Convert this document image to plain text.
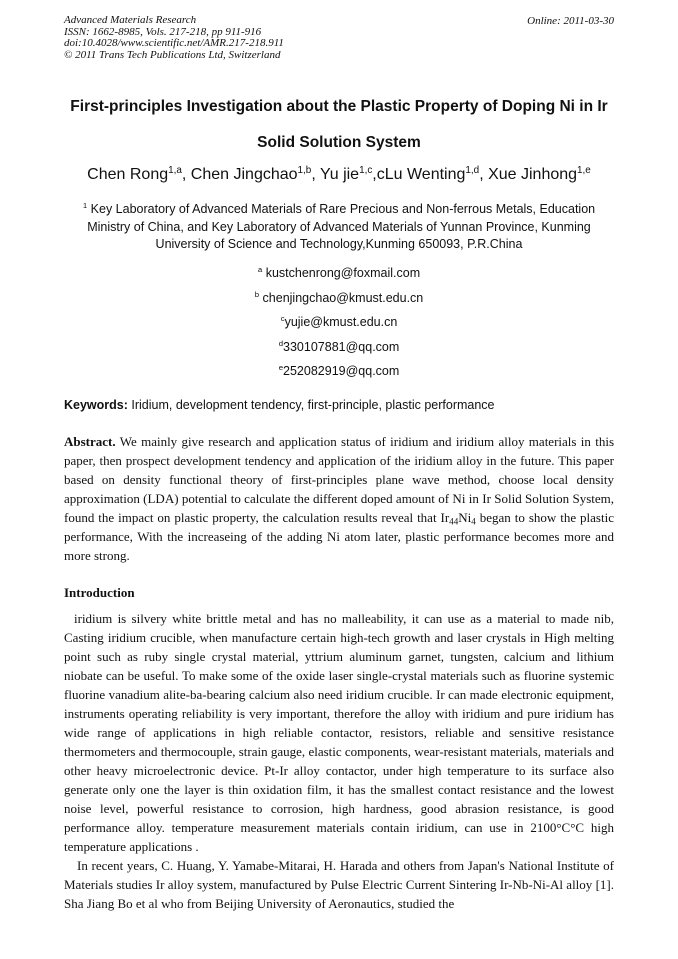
Advanced Materials Research
ISSN: 1662-8985, Vols. 217-218, pp 911-916
doi:10.4028/www.scientific.net/AMR.217-218.911
© 2011 Trans Tech Publications Ltd, Switzerland
Online: 2011-03-30
First-principles Investigation about the Plastic Property of Doping Ni in Ir Solid Solution System
Chen Rong$^{1,a}$, Chen Jingchao$^{1,b}$, Yu jie$^{1,c}$,cLu Wenting$^{1,d}$, Xue Jinhong$^{1,e}$
$^1$ Key Laboratory of Advanced Materials of Rare Precious and Non-ferrous Metals, Education Ministry of China, and Key Laboratory of Advanced Materials of Yunnan Province, Kunming University of Science and Technology,Kunming 650093, P.R.China
$^a$ kustchenrong@foxmail.com
$^b$ chenjingchao@kmust.edu.cn
$^c$yujie@kmust.edu.cn
$^d$330107881@qq.com
$^e$252082919@qq.com
Keywords: Iridium, development tendency, first-principle, plastic performance
Abstract. We mainly give research and application status of iridium and iridium alloy materials in this paper, then prospect development tendency and application of the iridium alloy in the future. This paper based on density functional theory of first-principles plane wave method, choose local density approximation (LDA) potential to calculate the different doped amount of Ni in Ir Solid Solution System, found the impact on plastic property, the calculation results reveal that $Ir_{44}Ni_4$ began to show the plastic performance, With the increaseing of the adding Ni atom later, plastic performance becomes more and more strong.
Introduction

iridium is silvery white brittle metal and has no malleability, it can use as a material to made nib, Casting iridium crucible, when manufacture certain high-tech growth and laser crystals in High melting point such as ruby single crystal material, yttrium aluminum garnet, tungsten, calcium and lithium niobate can be useful. To make some of the oxide laser single-crystal materials such as fluorine systemic fluorine vanadium alite-ba-bearing calcium also need iridium crucible. Ir can made electronic equipment, instruments operating reliability is very important, therefore the alloy with iridium and pure iridium has wide range of applications in high reliable contactor, resistors, reliable and sensitive resistance thermometers and thermocouple, strain gauge, elastic components, wear-resistant materials, materials and other heavy microelectronic device. Pt-Ir alloy contactor, under high temperature to its surface also generate only one the layer is thin oxidation film, it has the smallest contact resistance and the lowest noise level, powerful resistance to corrosion, high hardness, good abrasion resistance, is good performance alloy. temperature measurement materials contain iridium, can use in 2100°C°C high temperature applications .

In recent years, C. Huang, Y. Yamabe-Mitarai, H. Harada and others from Japan's National Institute of Materials studies Ir alloy system, manufactured by Pulse Electric Current Sintering Ir-Nb-Ni-Al alloy [1]. Sha Jiang Bo et al who from Beijing University of Aeronautics, studied the
